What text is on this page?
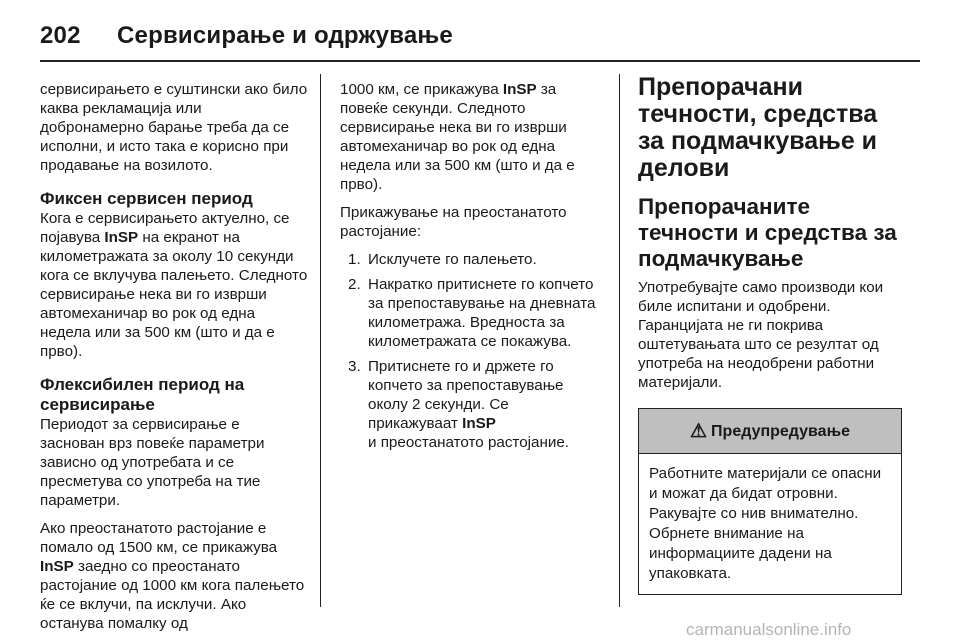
202 Сервисирање и одржување

сервисирањето е суштински ако било каква рекламација или добронамерно барање треба да се исполни, и исто така е корисно при продавање на возилото.

Фиксен сервисен период

Кога е сервисирањето актуелно, се појавува InSP на екранот на километражата за околу 10 секунди кога се вклучува палењето. Следното сервисирање нека ви го изврши автомеханичар во рок од една недела или за 500 км (што и да е прво).

Флексибилен период на сервисирање

Периодот за сервисирање е заснован врз повеќе параметри зависно од употребата и се пресметува со употреба на тие параметри.

Ако преостанатото растојание е помало од 1500 км, се прикажува InSP заедно со преостанато растојание од 1000 км кога палењето ќе се вклучи, па исклучи. Ако останува помалку од

1000 км, се прикажува InSP за повеќе секунди. Следното сервисирање нека ви го изврши автомеханичар во рок од една недела или за 500 км (што и да е прво).

Прикажување на преостанатото растојание:

1. Исклучете го палењето.
2. Накратко притиснете го копчето за препоставување на дневната километража. Вредноста за километражата се покажува.
3. Притиснете го и држете го копчето за препоставување околу 2 секунди. Се прикажуваат InSP
и преостанатото растојание.
Препорачани течности, средства за подмачкување и делови
Препорачаните течности и средства за подмачкување

Употребувајте само производи кои биле испитани и одобрени. Гаранцијата не ги покрива оштетувањата што се резултат од употреба на неодобрени работни материјали.

⚠ Предупредување
Работните материјали се опасни и можат да бидат отровни. Ракувајте со нив внимателно. Обрнете внимание на информациите дадени на упаковката.
carmanualsonline.info
